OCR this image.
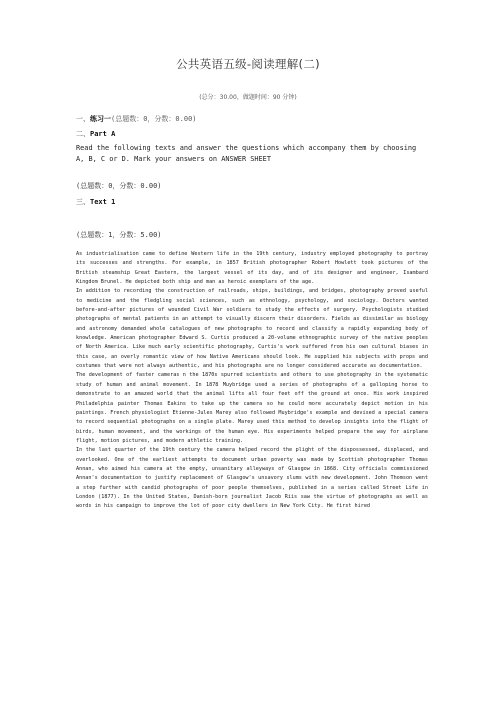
公共英语五级-阅读理解(二)
(总分：30.00，做题时间：90 分钟)
一、练习一(总题数：0，分数：0.00)
二、Part A

Read the following texts and answer the questions which accompany them by choosing A, B, C or D. Mark your answers on ANSWER SHEET

(总题数：0，分数：0.00)
三、Text 1
(总题数：1，分数：5.00)

As industrialisation came to define Western life in the 19th century, industry employed photography to portray its successes and strengths. For example, in 1857 British photographer Robert Howlett took pictures of the British steamship Great Eastern, the largest vessel of its day, and of its designer and engineer, Isambard Kingdom Brunel. He depicted both ship and man as heroic exemplars of the age.

In addition to recording the construction of railroads, ships, buildings, and bridges, photography proved useful to medicine and the fledgling social sciences, such as ethnology, psychology, and sociology. Doctors wanted before-and-after pictures of wounded Civil War soldiers to study the effects of surgery. Psychologists studied photographs of mental patients in an attempt to visually discern their disorders. Fields as dissimilar as biology and astronomy demanded whole catalogues of new photographs to record and classify a rapidly expanding body of knowledge. American photographer Edward S. Curtis produced a 20-volume ethnographic survey of the native peoples of North America. Like much early scientific photography, Curtis's work suffered from his own cultural biases in this case, an overly romantic view of how Native Americans should look. He supplied his subjects with props and costumes that were not always authentic, and his photographs are no longer considered accurate as documentation.

The development of faster cameras n the 1870s spurred scientists and others to use photography in the systematic study of human and animal movement. In 1878 Muybridge used a series of photographs of a galloping horse to demonstrate to an amazed world that the animal lifts all four feet off the ground at once. His work inspired Philadelphia painter Thomas Eakins to take up the camera so he could more accurately depict motion in his paintings. French physiologist Etienne-Jules Marey also followed Muybridge's example and devised a special camera to record sequential photographs on a single plate. Marey used this method to develop insights into the flight of birds, human movement, and the workings of the human eye. His experiments helped prepare the way for airplane flight, motion pictures, and modern athletic training.

In the last quarter of the 19th century the camera helped record the plight of the dispossessed, displaced, and overlooked. One of the earliest attempts to document urban poverty was made by Scottish photographer Thomas Annan, who aimed his camera at the empty, unsanitary alleyways of Glasgow in 1868. City officials commissioned Annan's documentation to justify replacement of Glasgow's unsavory slums with new development. John Thomson went a step further with candid photographs of poor people themselves, published in a series called Street Life in London (1877). In the United States, Danish-born journalist Jacob Riis saw the virtue of photographs as well as words in his campaign to improve the lot of poor city dwellers in New York City. He first hired
